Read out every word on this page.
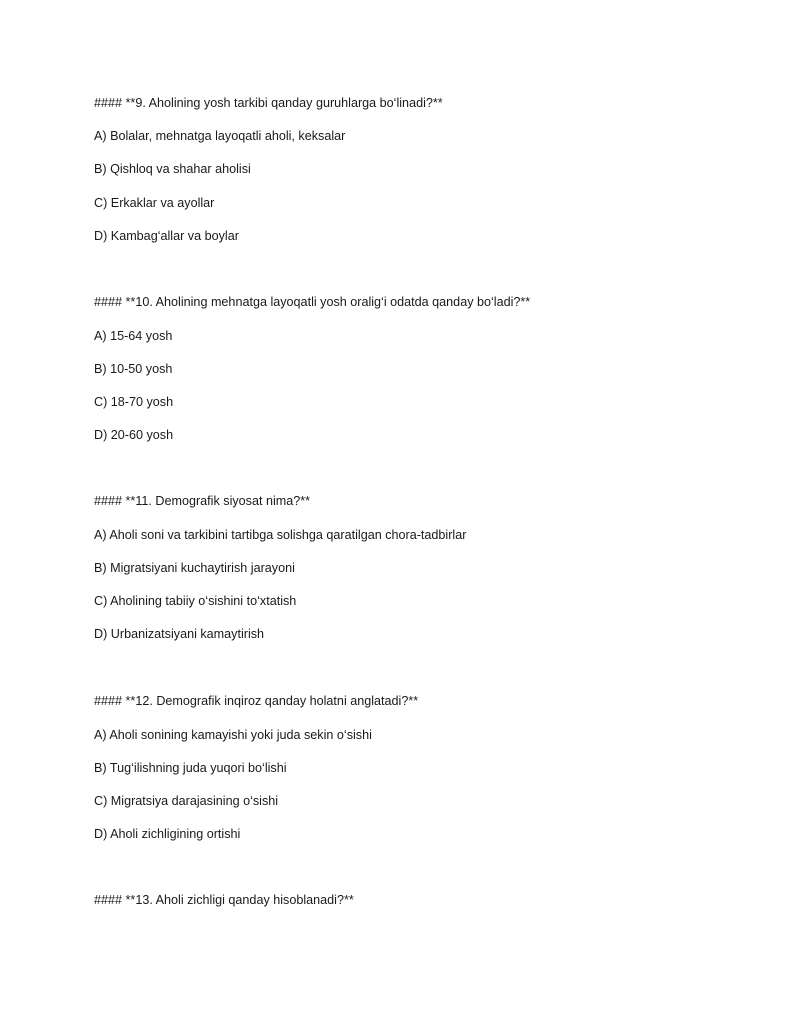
#### **9. Aholining yosh tarkibi qanday guruhlarga bo‘linadi?**
A) Bolalar, mehnatga layoqatli aholi, keksalar
B) Qishloq va shahar aholisi
C) Erkaklar va ayollar
D) Kambag‘allar va boylar
#### **10. Aholining mehnatga layoqatli yosh oralig‘i odatda qanday bo‘ladi?**
A) 15-64 yosh
B) 10-50 yosh
C) 18-70 yosh
D) 20-60 yosh
#### **11. Demografik siyosat nima?**
A) Aholi soni va tarkibini tartibga solishga qaratilgan chora-tadbirlar
B) Migratsiyani kuchaytirish jarayoni
C) Aholining tabiiy o‘sishini to‘xtatish
D) Urbanizatsiyani kamaytirish
#### **12. Demografik inqiroz qanday holatni anglatadi?**
A) Aholi sonining kamayishi yoki juda sekin o‘sishi
B) Tug‘ilishning juda yuqori bo‘lishi
C) Migratsiya darajasining o‘sishi
D) Aholi zichligining ortishi
#### **13. Aholi zichligi qanday hisoblanadi?**
